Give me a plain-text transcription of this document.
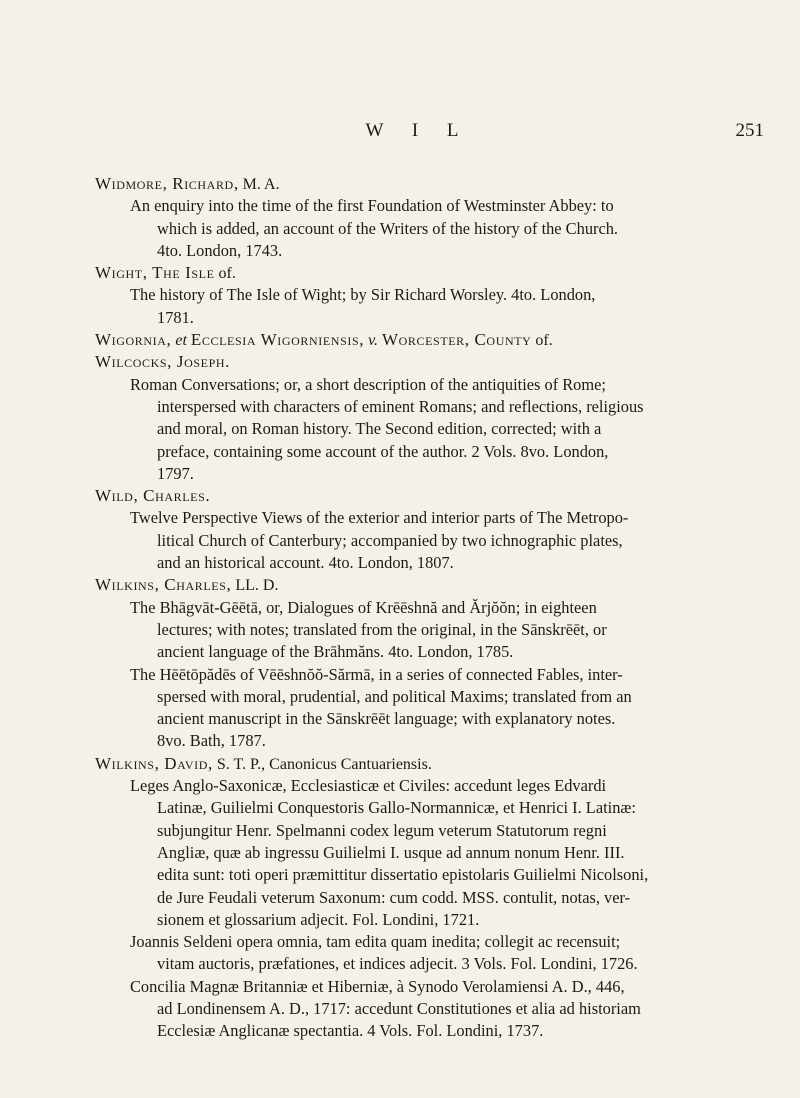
W I L	251
Widmore, Richard, M. A.
An enquiry into the time of the first Foundation of Westminster Abbey: to
which is added, an account of the Writers of the history of the Church.
4to. London, 1743.
Wight, The Isle of.
The history of The Isle of Wight; by Sir Richard Worsley. 4to. London,
1781.
Wigornia, et Ecclesia Wigorniensis, v. Worcester, County of.
Wilcocks, Joseph.
Roman Conversations; or, a short description of the antiquities of Rome;
interspersed with characters of eminent Romans; and reflections, religious
and moral, on Roman history. The Second edition, corrected; with a
preface, containing some account of the author. 2 Vols. 8vo. London,
1797.
Wild, Charles.
Twelve Perspective Views of the exterior and interior parts of The Metropo-
litical Church of Canterbury; accompanied by two ichnographic plates,
and an historical account. 4to. London, 1807.
Wilkins, Charles, LL. D.
The Bhāgvāt-Gēētā, or, Dialogues of Krēēshnă and Ărjŏŏn; in eighteen
lectures; with notes; translated from the original, in the Sānskrēēt, or
ancient language of the Brāhmăns. 4to. London, 1785.
The Hēētōpădēs of Vēēshnŏŏ-Sărmā, in a series of connected Fables, inter-
spersed with moral, prudential, and political Maxims; translated from an
ancient manuscript in the Sānskrēēt language; with explanatory notes.
8vo. Bath, 1787.
Wilkins, David, S. T. P., Canonicus Cantuariensis.
Leges Anglo-Saxonicæ, Ecclesiasticæ et Civiles: accedunt leges Edvardi
Latinæ, Guilielmi Conquestoris Gallo-Normannicæ, et Henrici I. Latinæ:
subjungitur Henr. Spelmanni codex legum veterum Statutorum regni
Angliæ, quæ ab ingressu Guilielmi I. usque ad annum nonum Henr. III.
edita sunt: toti operi præmittitur dissertatio epistolaris Guilielmi Nicolsoni,
de Jure Feudali veterum Saxonum: cum codd. MSS. contulit, notas, ver-
sionem et glossarium adjecit. Fol. Londini, 1721.
Joannis Seldeni opera omnia, tam edita quam inedita; collegit ac recensuit;
vitam auctoris, præfationes, et indices adjecit. 3 Vols. Fol. Londini, 1726.
Concilia Magnæ Britanniæ et Hiberniæ, à Synodo Verolamiensi A. D., 446,
ad Londinensem A. D., 1717: accedunt Constitutiones et alia ad historiam
Ecclesiæ Anglicanæ spectantia. 4 Vols. Fol. Londini, 1737.
